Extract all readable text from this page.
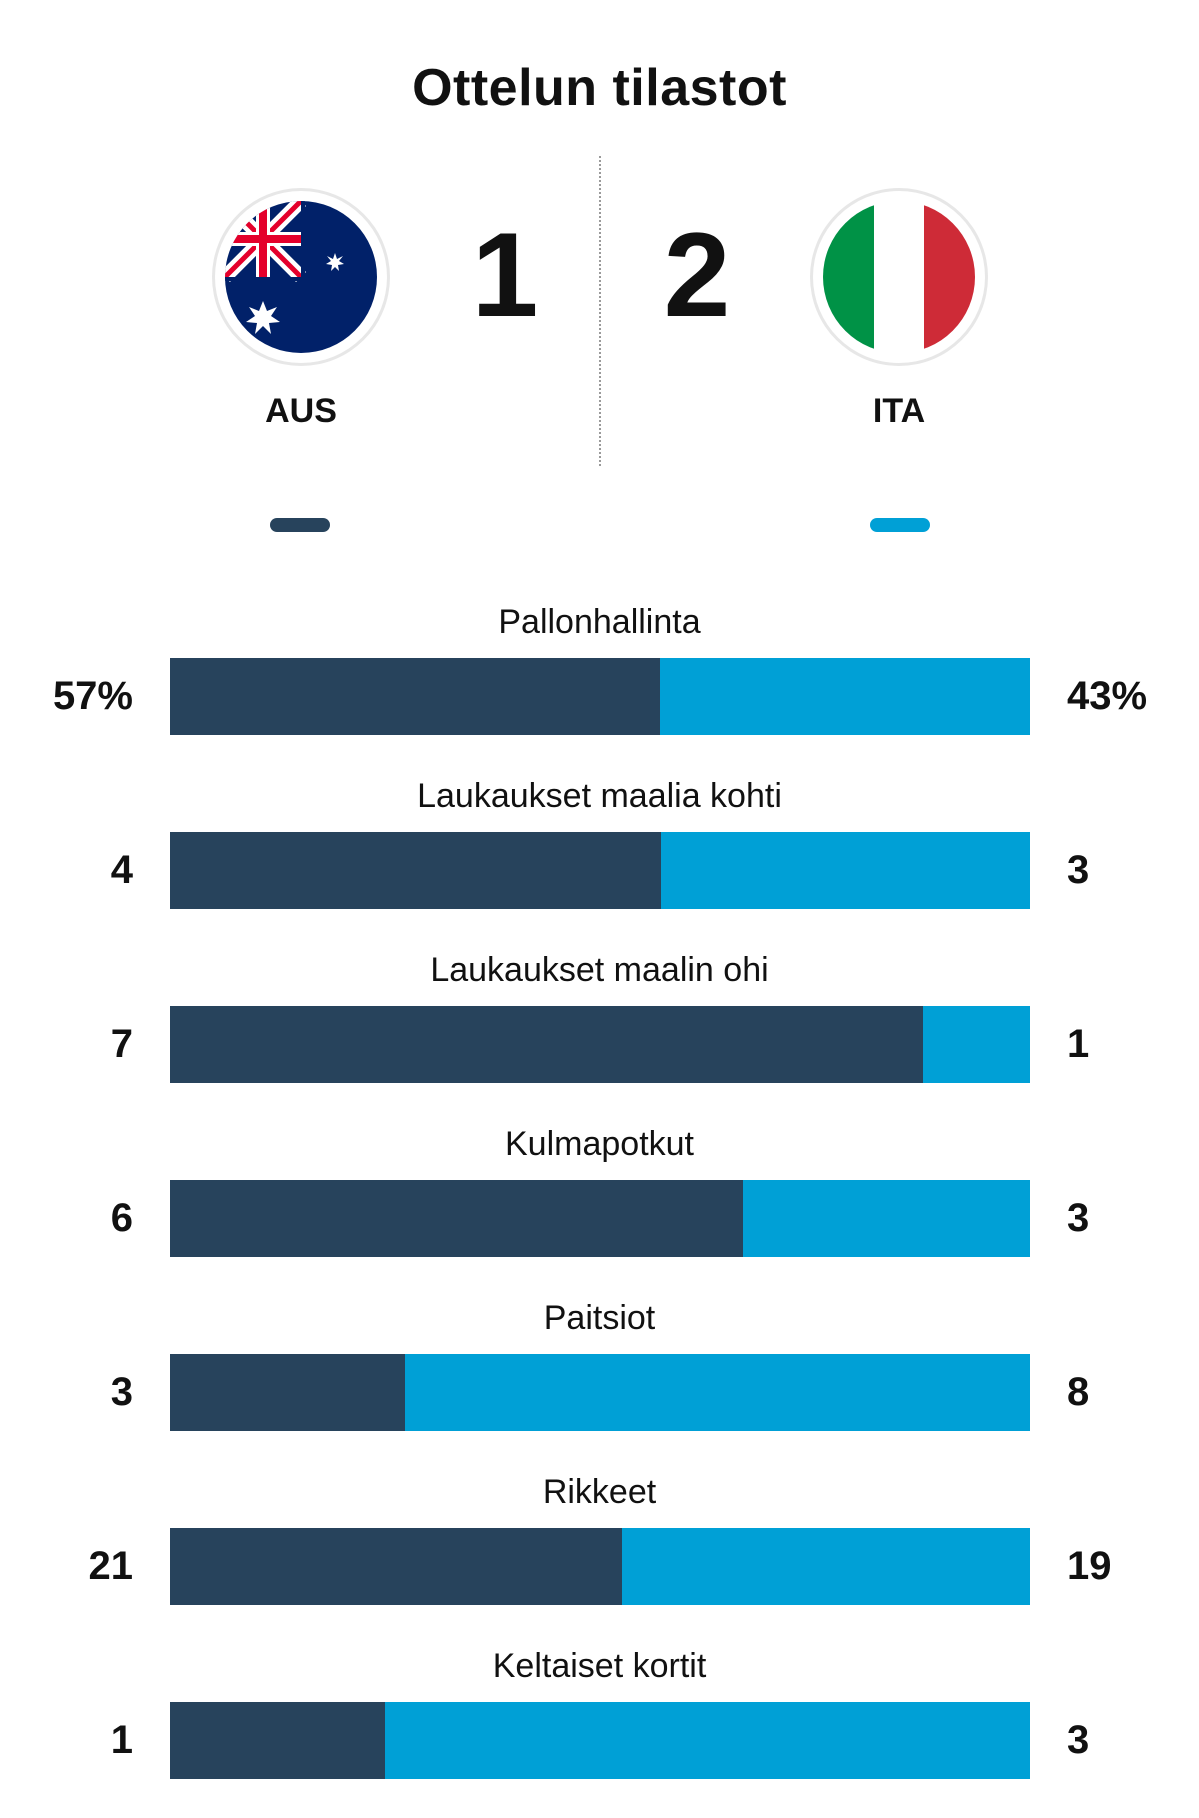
Ottelun tilastot
1 2
AUS	ITA
Pallonhallinta
57%	43%
Laukaukset maalia kohti
4	3
Laukaukset maalin ohi
7	1
Kulmapotkut
6	3
Paitsiot
3	8
Rikkeet
21	19
Keltaiset kortit
1	3
